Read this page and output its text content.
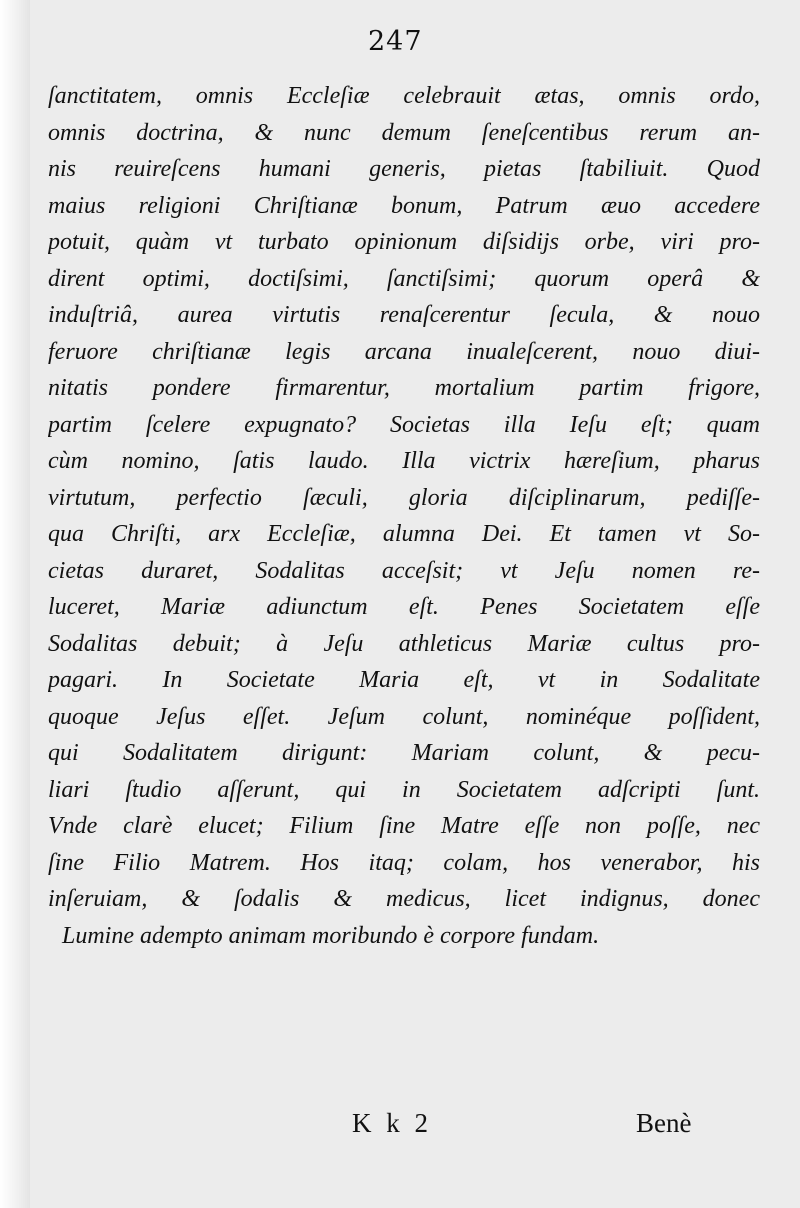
247
ſanctitatem, omnis Eccleſiæ celebrauit ætas, omnis ordo,
omnis doctrina, & nunc demum ſeneſcentibus rerum an-
nis reuireſcens humani generis, pietas ſtabiliuit. Quod
maius religioni Chriſtianæ bonum, Patrum æuo accedere
potuit, quàm vt turbato opinionum diſsidijs orbe, viri pro-
dirent optimi, doctiſsimi, ſanctiſsimi; quorum operâ &
induſtriâ, aurea virtutis renaſcerentur ſecula, & nouo
feruore chriſtianæ legis arcana inualeſcerent, nouo diui-
nitatis pondere firmarentur, mortalium partim frigore,
partim ſcelere expugnato? Societas illa Ieſu eſt; quam
cùm nomino, ſatis laudo. Illa victrix hæreſium, pharus
virtutum, perfectio ſæculi, gloria diſciplinarum, pediſſe-
qua Chriſti, arx Eccleſiæ, alumna Dei. Et tamen vt So-
cietas duraret, Sodalitas acceſsit; vt Jeſu nomen re-
luceret, Mariæ adiunctum eſt. Penes Societatem eſſe
Sodalitas debuit; à Jeſu athleticus Mariæ cultus pro-
pagari. In Societate Maria eſt, vt in Sodalitate
quoque Jeſus eſſet. Jeſum colunt, nominéque poſſident,
qui Sodalitatem dirigunt: Mariam colunt, & pecu-
liari ſtudio aſſerunt, qui in Societatem adſcripti ſunt.
Vnde clarè elucet; Filium ſine Matre eſſe non poſſe, nec
ſine Filio Matrem. Hos itaq; colam, hos venerabor, his
inſeruiam, & ſodalis & medicus, licet indignus, donec
Lumine adempto animam moribundo è corpore fundam.
K k 2	Benè
